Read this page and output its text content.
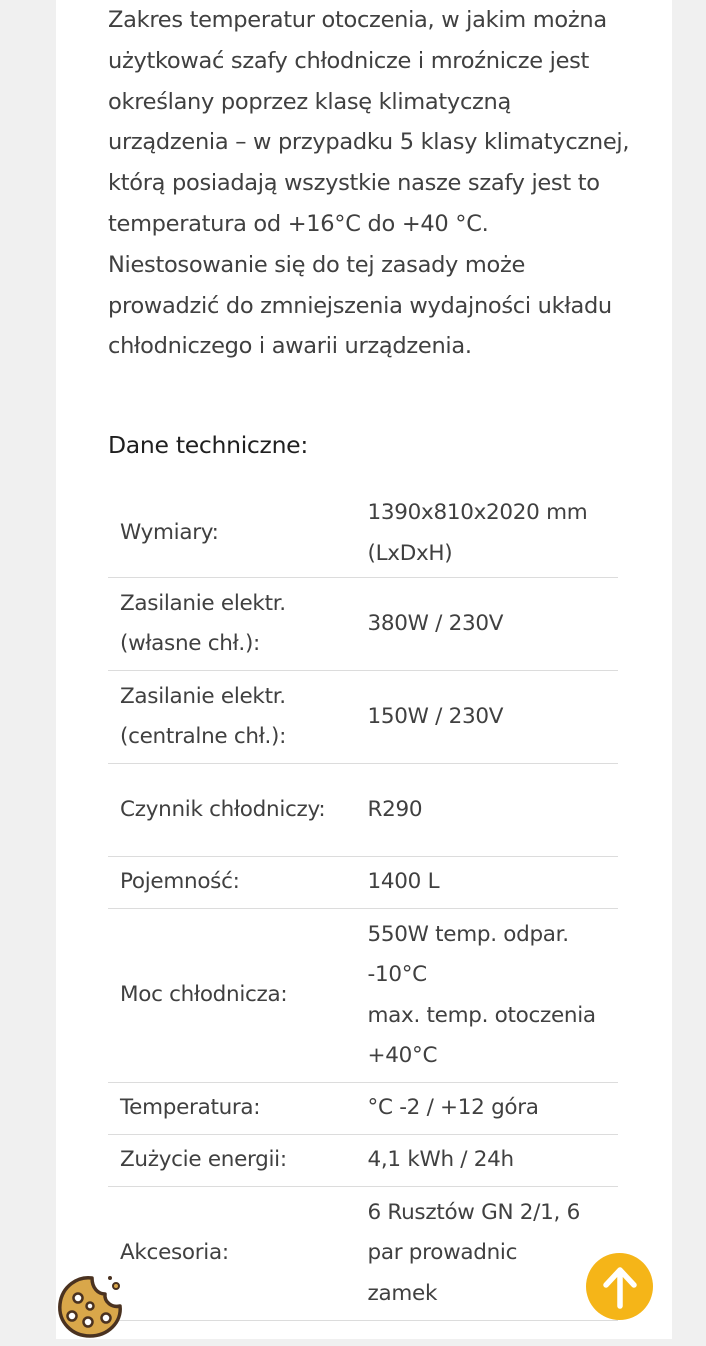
Zakres temperatur otoczenia, w jakim można użytkować szafy chłodnicze i mroźnicze jest określany poprzez klasę klimatyczną urządzenia – w przypadku 5 klasy klimatycznej, którą posiadają wszystkie nasze szafy jest to temperatura od +16°C do +40 °C. Niestosowanie się do tej zasady może prowadzić do zmniejszenia wydajności układu chłodniczego i awarii urządzenia.

Dane techniczne:
Wymiary:	1390x810x2020 mm (LxDxH)
Zasilanie elektr. (własne chł.):	380W / 230V
Zasilanie elektr. (centralne chł.):	150W / 230V
Czynnik chłodniczy:	R290
Pojemność:	1400 L
Moc chłodnicza:	550W temp. odpar. -10°C
max. temp. otoczenia +40°C
Temperatura:	°C -2 / +12 góra
Zużycie energii:	4,1 kWh / 24h
Akcesoria:	6 Rusztów GN 2/1, 6 par prowadnic
zamek
